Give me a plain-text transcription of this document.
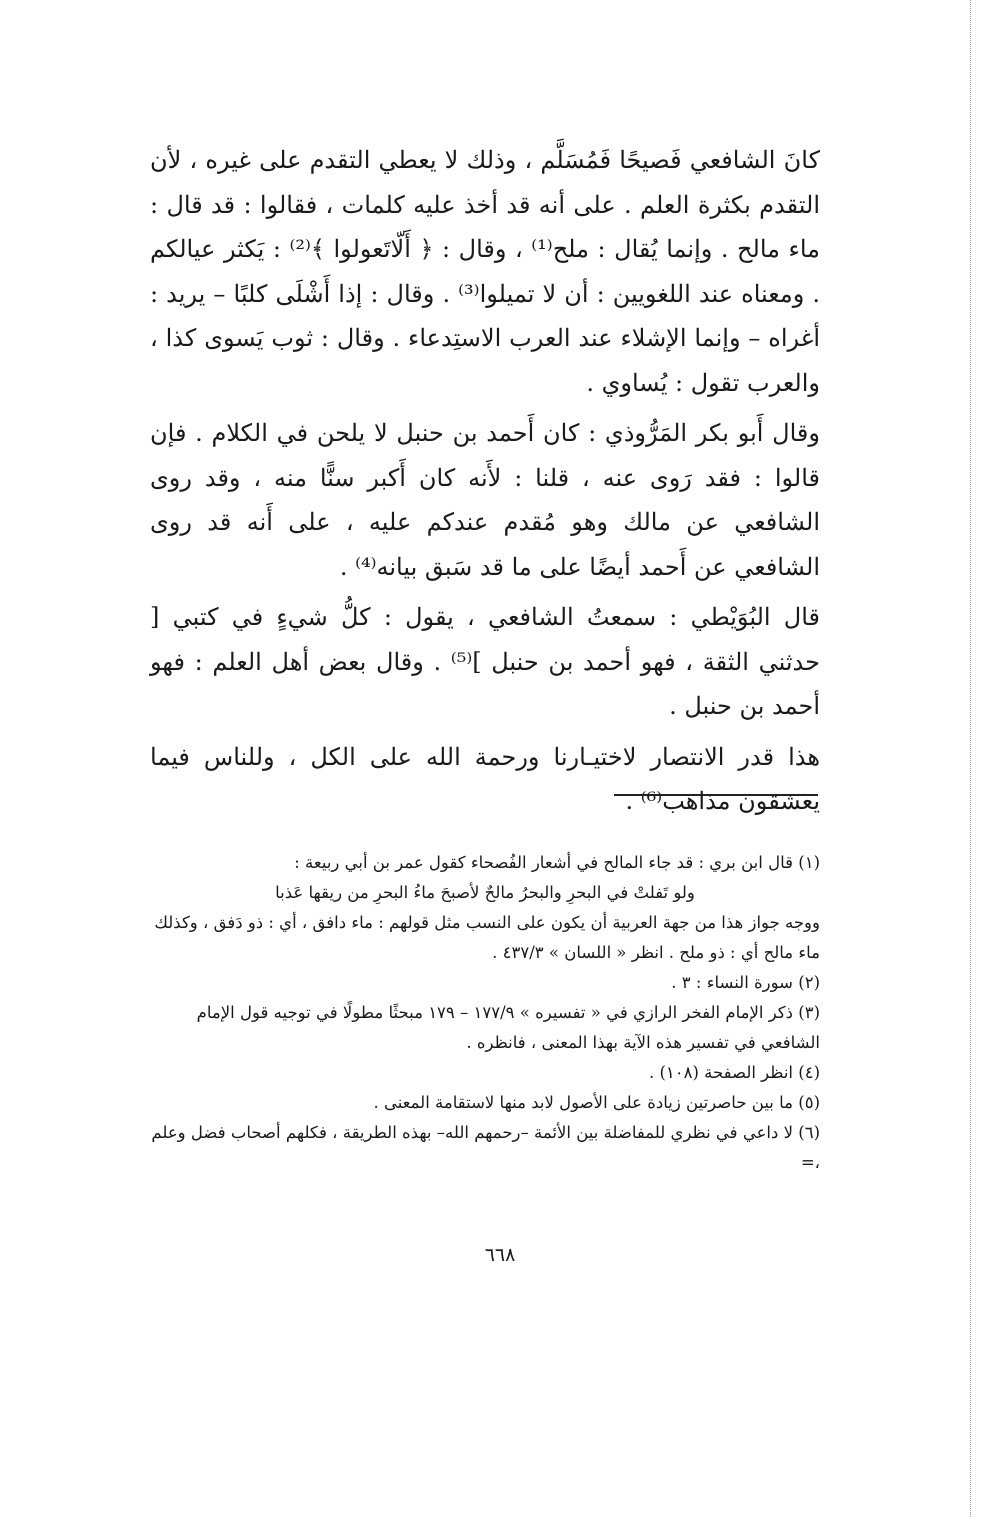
كانَ الشافعي فَصيحًا فَمُسَلَّم ، وذلك لا يعطي التقدم على غيره ، لأن التقدم بكثرة العلم . على أنه قد أخذ عليه كلمات ، فقالوا : قد قال : ماء مالح . وإنما يُقال : ملح⁽¹⁾ ، وقال : ﴿ أَلّاتَعولوا ﴾⁽²⁾ : يَكثر عيالكم . ومعناه عند اللغويين : أن لا تميلوا⁽³⁾ . وقال : إذا أَشْلَى كلبًا – يريد : أغراه – وإنما الإشلاء عند العرب الاستِدعاء . وقال : ثوب يَسوى كذا ، والعرب تقول : يُساوي .

وقال أَبو بكر المَرُّوذي : كان أَحمد بن حنبل لا يلحن في الكلام . فإن قالوا : فقد رَوى عنه ، قلنا : لأَنه كان أَكبر سنًّا منه ، وقد روى الشافعي عن مالك وهو مُقدم عندكم عليه ، على أَنه قد روى الشافعي عن أَحمد أيضًا على ما قد سَبق بيانه⁽⁴⁾ .

قال البُوَيْطي : سمعتُ الشافعي ، يقول : كلُّ شيءٍ في كتبي [ حدثني الثقة ، فهو أحمد بن حنبل ]⁽⁵⁾ . وقال بعض أهل العلم : فهو أحمد بن حنبل .

هذا قدر الانتصار لاختيـارنا ورحمة الله على الكل ، وللناس فيما يعشقون مذاهب⁽⁶⁾ .

(١) قال ابن بري : قد جاء المالح في أشعار الفُصحاء كقول عمر بن أبي ربيعة :

ولو تَفلتْ في البحرِ والبحرُ مالحٌ لأصبحَ ماءُ البحرِ من ريقها عَذبا

ووجه جواز هذا من جهة العربية أن يكون على النسب مثل قولهم : ماء دافق ، أي : ذو دَفق ، وكذلك ماء مالح أي : ذو ملح . انظر « اللسان » ٤٣٧/٣ .

(٢) سورة النساء : ٣ .

(٣) ذكر الإمام الفخر الرازي في « تفسيره » ١٧٧/٩ – ١٧٩ مبحثًا مطولًا في توجيه قول الإمام الشافعي في تفسير هذه الآية بهذا المعنى ، فانظره .

(٤) انظر الصفحة (١٠٨) .

(٥) ما بين حاصرتين زيادة على الأصول لابد منها لاستقامة المعنى .

(٦) لا داعي في نظري للمفاضلة بين الأئمة –رحمهم الله– بهذه الطريقة ، فكلهم أصحاب فضل وعلم ،=

٦٦٨
